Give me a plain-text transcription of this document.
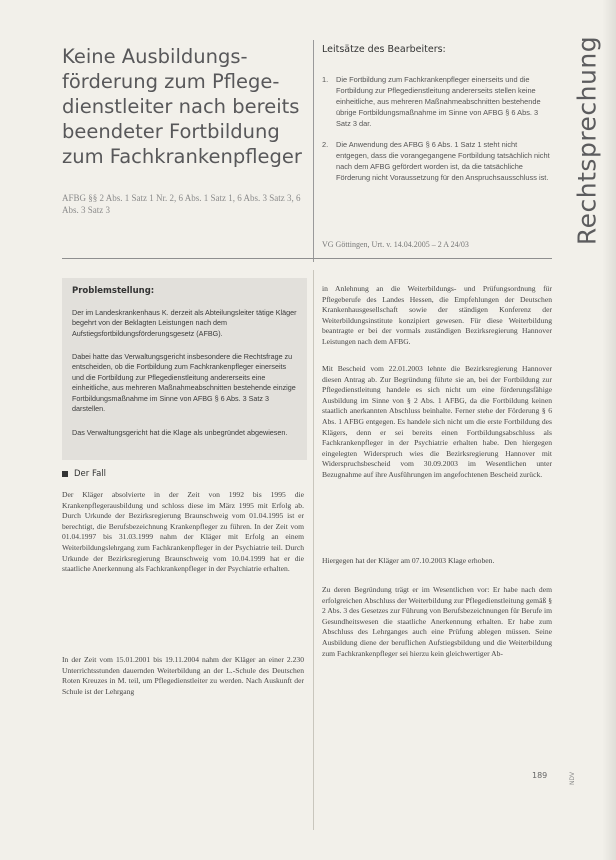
Keine Ausbildungs-förderung zum Pflege-dienstleiter nach bereits beendeter Fortbildung zum Fachkrankenpfleger
AFBG §§ 2 Abs. 1 Satz 1 Nr. 2, 6 Abs. 1 Satz 1, 6 Abs. 3 Satz 3, 6 Abs. 3 Satz 3
Leitsätze des Bearbeiters:
1. Die Fortbildung zum Fachkrankenpfleger einerseits und die Fortbildung zur Pflegedienstleitung andererseits stellen keine einheitliche, aus mehreren Maßnahmeabschnitten bestehende übrige Fortbildungsmaßnahme im Sinne von AFBG § 6 Abs. 3 Satz 3 dar.
2. Die Anwendung des AFBG § 6 Abs. 1 Satz 1 steht nicht entgegen, dass die vorangegangene Fortbildung tatsächlich nicht nach dem AFBG gefördert worden ist, da die tatsächliche Förderung nicht Voraussetzung für den Anspruchsausschluss ist.
VG Göttingen, Urt. v. 14.04.2005 – 2 A 24/03	Rechtsprechung
Problemstellung:

Der im Landeskrankenhaus K. derzeit als Abteilungsleiter tätige Kläger begehrt von der Beklagten Leistungen nach dem Aufstiegsfortbildungsförderungsgesetz (AFBG).

Dabei hatte das Verwaltungsgericht insbesondere die Rechtsfrage zu entscheiden, ob die Fortbildung zum Fachkrankenpfleger einerseits und die Fortbildung zur Pflegedienstleitung andererseits eine einheitliche, aus mehreren Maßnahmeabschnitten bestehende einzige Fortbildungsmaßnahme im Sinne von AFBG § 6 Abs. 3 Satz 3 darstellen.

Das Verwaltungsgericht hat die Klage als unbegründet abgewiesen.

Der Fall

Der Kläger absolvierte in der Zeit von 1992 bis 1995 die Krankenpflegerausbildung und schloss diese im März 1995 mit Erfolg ab. Durch Urkunde der Bezirksregierung Braunschweig vom 01.04.1995 ist er berechtigt, die Berufsbezeichnung Krankenpfleger zu führen. In der Zeit vom 01.04.1997 bis 31.03.1999 nahm der Kläger mit Erfolg an einem Weiterbildungslehrgang zum Fachkrankenpfleger in der Psychiatrie teil. Durch Urkunde der Bezirksregierung Braunschweig vom 10.04.1999 hat er die staatliche Anerkennung als Fachkrankenpfleger in der Psychiatrie erhalten.

In der Zeit vom 15.01.2001 bis 19.11.2004 nahm der Kläger an einer 2.230 Unterrichtsstunden dauernden Weiterbildung an der L.-Schule des Deutschen Roten Kreuzes in M. teil, um Pflegedienstleiter zu werden. Nach Auskunft der Schule ist der Lehrgang

in Anlehnung an die Weiterbildungs- und Prüfungsordnung für Pflegeberufe des Landes Hessen, die Empfehlungen der Deutschen Krankenhausgesellschaft sowie der ständigen Konferenz der Weiterbildungsinstitute konzipiert gewesen. Für diese Weiterbildung beantragte er bei der vormals zuständigen Bezirksregierung Hannover Leistungen nach dem AFBG.

Mit Bescheid vom 22.01.2003 lehnte die Bezirksregierung Hannover diesen Antrag ab. Zur Begründung führte sie an, bei der Fortbildung zur Pflegedienstleitung handele es sich nicht um eine förderungsfähige Ausbildung im Sinne von § 2 Abs. 1 AFBG, da die Fortbildung keinen staatlich anerkannten Abschluss beinhalte. Ferner stehe der Förderung § 6 Abs. 1 AFBG entgegen. Es handele sich nicht um die erste Fortbildung des Klägers, denn er sei bereits einen Fortbildungsabschluss als Fachkrankenpfleger in der Psychiatrie erhalten habe. Den hiergegen eingelegten Widerspruch wies die Bezirksregierung Hannover mit Widerspruchsbescheid vom 30.09.2003 im Wesentlichen unter Bezugnahme auf ihre Ausführungen im angefochtenen Bescheid zurück.

Hiergegen hat der Kläger am 07.10.2003 Klage erhoben.

Zu deren Begründung trägt er im Wesentlichen vor: Er habe nach dem erfolgreichen Abschluss der Weiterbildung zur Pflegedienstleitung gemäß § 2 Abs. 3 des Gesetzes zur Führung von Berufsbezeichnungen für Berufe im Gesundheitswesen die staatliche Anerkennung erhalten. Er habe zum Abschluss des Lehrganges auch eine Prüfung ablegen müssen. Seine Ausbildung diene der beruflichen Aufstiegsbildung und die Weiterbildung zum Fachkrankenpfleger sei hierzu kein gleichwertiger Ab-

189	NDV
